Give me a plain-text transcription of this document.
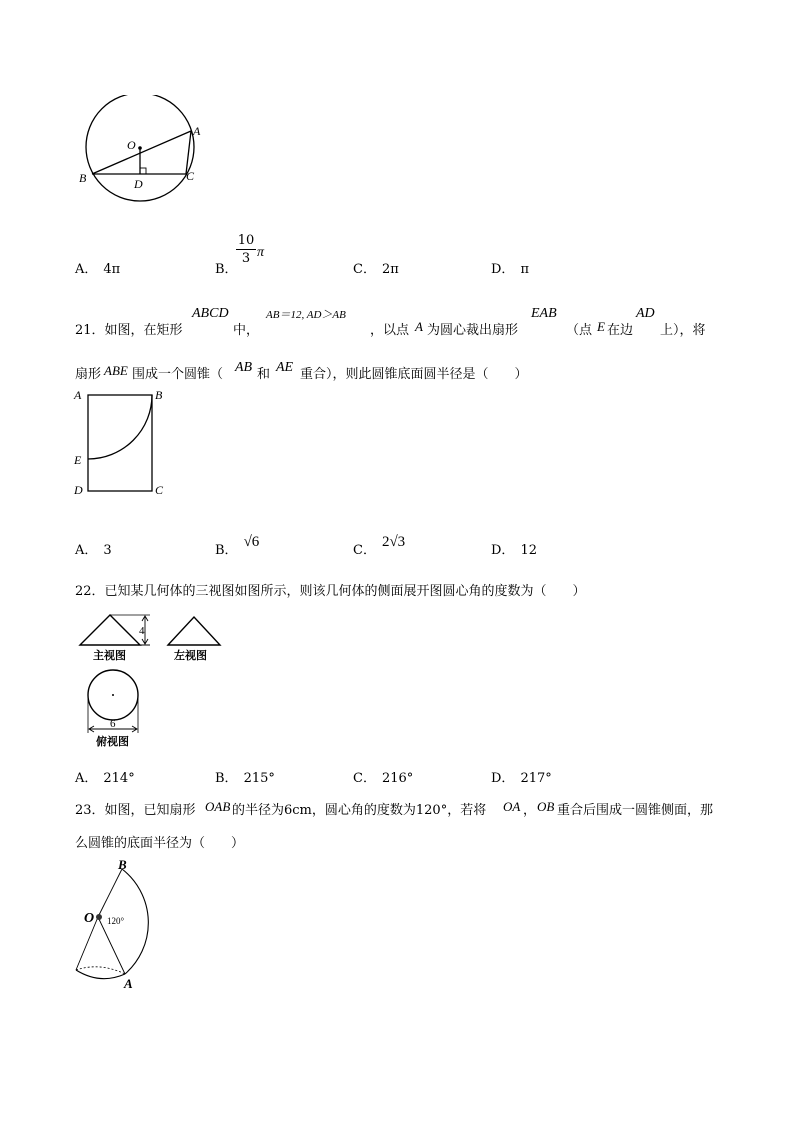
O
A
B	C
D
A． 4π	B．
10
3 π
C． 2π	D． π
21．如图，在矩形
ABCD
中，
AB＝12, AD＞AB
，以点 A 为圆心裁出扇形
EAB
（点 E 在边
AD
上），将
扇形 ABE 围成一个圆锥（ AB 和 AE 重合），则此圆锥底面圆半径是（　　）
A	B
E
D	C
A． 3	B．√6
C．2√3
D． 12
22．已知某几何体的三视图如图所示，则该几何体的侧面展开图圆心角的度数为（　　）
4
主视图	左视图
6
俯视图
A． 214°	B． 215°	C． 216°	D． 217°
23．如图，已知扇形 OAB 的半径为6cm，圆心角的度数为120°，若将 OA ， OB 重合后围成一圆锥侧面，那
么圆锥的底面半径为（　　）
O
B
A
120°
